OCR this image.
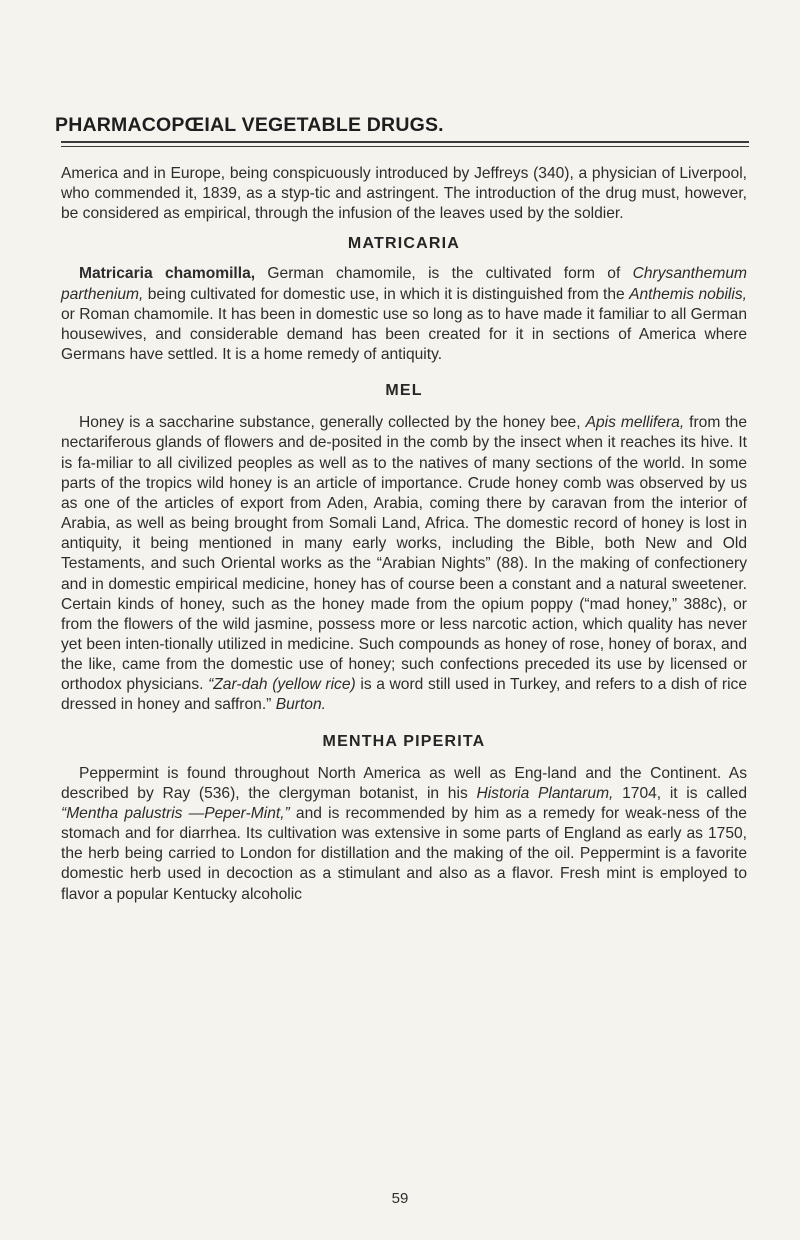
PHARMACOPŒIAL VEGETABLE DRUGS.

America and in Europe, being conspicuously introduced by Jeffreys (340), a physician of Liverpool, who commended it, 1839, as a styp-tic and astringent. The introduction of the drug must, however, be considered as empirical, through the infusion of the leaves used by the soldier.

MATRICARIA

Matricaria chamomilla, German chamomile, is the cultivated form of Chrysanthemum parthenium, being cultivated for domestic use, in which it is distinguished from the Anthemis nobilis, or Roman chamomile. It has been in domestic use so long as to have made it familiar to all German housewives, and considerable demand has been created for it in sections of America where Germans have settled. It is a home remedy of antiquity.

MEL

Honey is a saccharine substance, generally collected by the honey bee, Apis mellifera, from the nectariferous glands of flowers and de-posited in the comb by the insect when it reaches its hive. It is fa-miliar to all civilized peoples as well as to the natives of many sections of the world. In some parts of the tropics wild honey is an article of importance. Crude honey comb was observed by us as one of the articles of export from Aden, Arabia, coming there by caravan from the interior of Arabia, as well as being brought from Somali Land, Africa. The domestic record of honey is lost in antiquity, it being mentioned in many early works, including the Bible, both New and Old Testaments, and such Oriental works as the “Arabian Nights” (88). In the making of confectionery and in domestic empirical medicine, honey has of course been a constant and a natural sweetener. Certain kinds of honey, such as the honey made from the opium poppy (“mad honey,” 388c), or from the flowers of the wild jasmine, possess more or less narcotic action, which quality has never yet been inten-tionally utilized in medicine. Such compounds as honey of rose, honey of borax, and the like, came from the domestic use of honey; such confections preceded its use by licensed or orthodox physicians. “Zar-dah (yellow rice) is a word still used in Turkey, and refers to a dish of rice dressed in honey and saffron.” Burton.

MENTHA PIPERITA

Peppermint is found throughout North America as well as Eng-land and the Continent. As described by Ray (536), the clergyman botanist, in his Historia Plantarum, 1704, it is called “Mentha palustris —Peper-Mint,” and is recommended by him as a remedy for weak-ness of the stomach and for diarrhea. Its cultivation was extensive in some parts of England as early as 1750, the herb being carried to London for distillation and the making of the oil. Peppermint is a favorite domestic herb used in decoction as a stimulant and also as a flavor. Fresh mint is employed to flavor a popular Kentucky alcoholic

59
